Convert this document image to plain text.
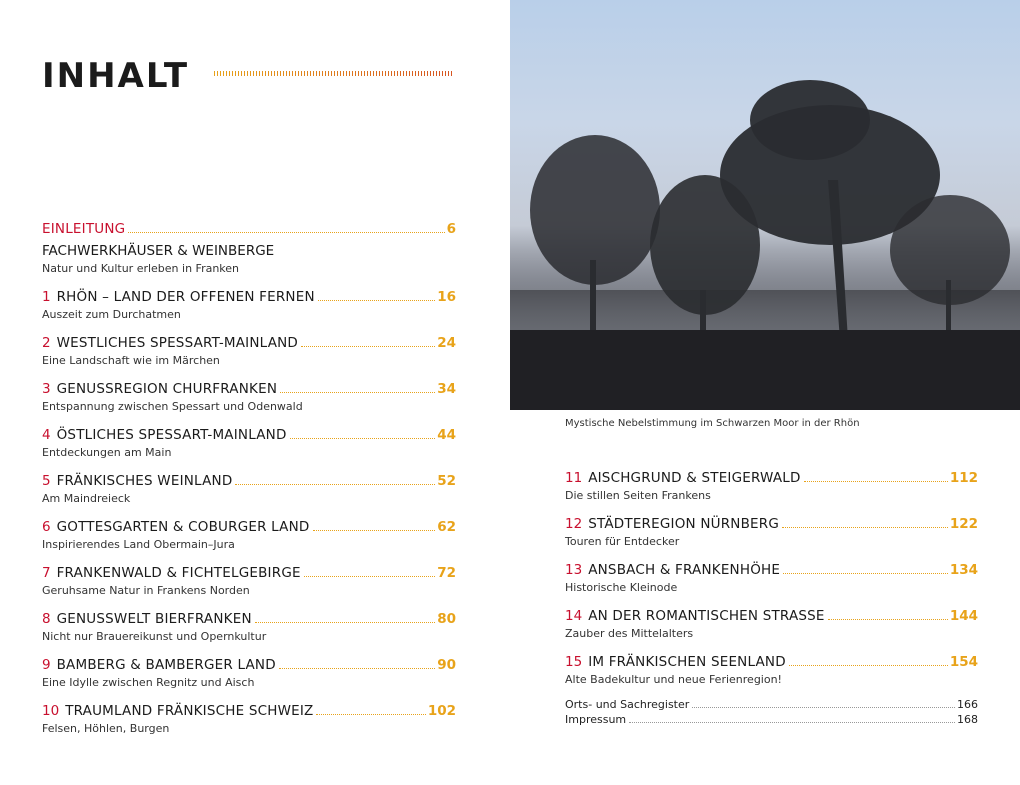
INHALT
EINLEITUNG	6
FACHWERKHÄUSER & WEINBERGE
Natur und Kultur erleben in Franken
1 RHÖN – LAND DER OFFENEN FERNEN	16
Auszeit zum Durchatmen
2 WESTLICHES SPESSART-MAINLAND	24
Eine Landschaft wie im Märchen
3 GENUSSREGION CHURFRANKEN	34
Entspannung zwischen Spessart und Odenwald
4 ÖSTLICHES SPESSART-MAINLAND	44
Entdeckungen am Main
5 FRÄNKISCHES WEINLAND	52
Am Maindreieck
6 GOTTESGARTEN & COBURGER LAND	62
Inspirierendes Land Obermain–Jura
7 FRANKENWALD & FICHTELGEBIRGE	72
Geruhsame Natur in Frankens Norden
8 GENUSSWELT BIERFRANKEN	80
Nicht nur Brauereikunst und Opernkultur
9 BAMBERG & BAMBERGER LAND	90
Eine Idylle zwischen Regnitz und Aisch
10 TRAUMLAND FRÄNKISCHE SCHWEIZ	102
Felsen, Höhlen, Burgen
Mystische Nebelstimmung im Schwarzen Moor in der Rhön
11 AISCHGRUND & STEIGERWALD	112
Die stillen Seiten Frankens
12 STÄDTEREGION NÜRNBERG	122
Touren für Entdecker
13 ANSBACH & FRANKENHÖHE	134
Historische Kleinode
14 AN DER ROMANTISCHEN STRASSE	144
Zauber des Mittelalters
15 IM FRÄNKISCHEN SEENLAND	154
Alte Badekultur und neue Ferienregion!
Orts- und Sachregister	166
Impressum	168
